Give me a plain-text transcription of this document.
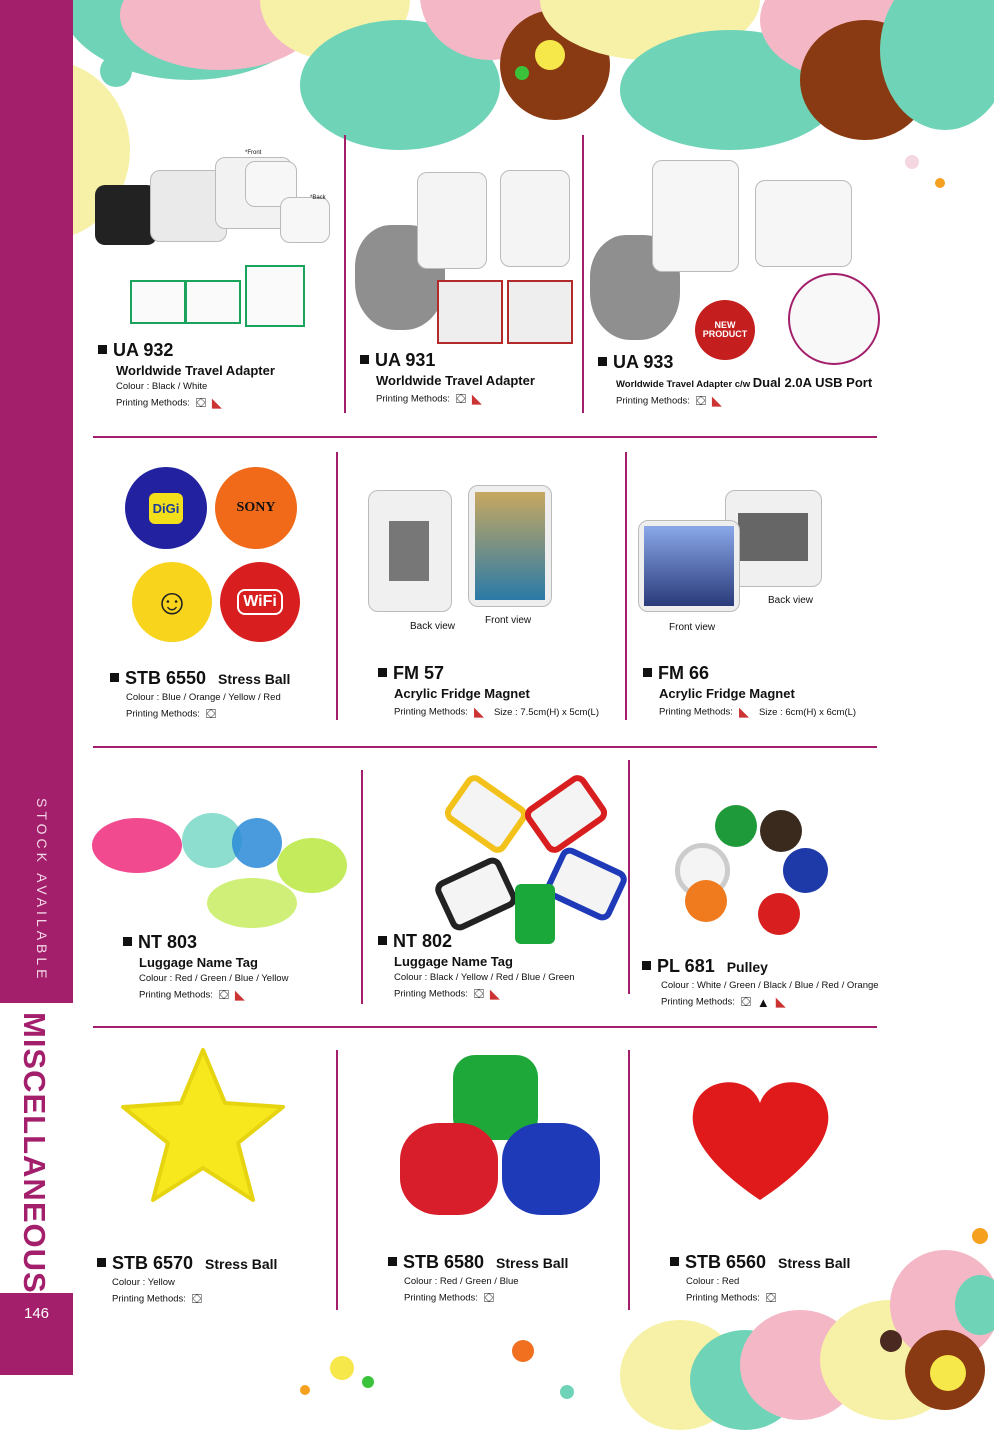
STOCK AVAILABLE
MISCELLANEOUS
146
*Front
*Back
NEW PRODUCT
UA 932
Worldwide Travel Adapter
Colour : Black / White
Printing Methods: ⛋ ◣
UA 931
Worldwide Travel Adapter
Printing Methods: ⛋ ◣
UA 933
Worldwide Travel Adapter c/w Dual 2.0A USB Port
Printing Methods: ⛋ ◣
DiGi	SONY
☺	WiFi
Back view
Front view
Back view
Front view
STB 6550 Stress Ball
Colour : Blue / Orange / Yellow / Red
Printing Methods: ⛋
FM 57
Acrylic Fridge Magnet
Printing Methods: ◣ Size : 7.5cm(H) x 5cm(L)
FM 66
Acrylic Fridge Magnet
Printing Methods: ◣ Size : 6cm(H) x 6cm(L)
NT 803
Luggage Name Tag
Colour : Red / Green / Blue / Yellow
Printing Methods: ⛋ ◣
NT 802
Luggage Name Tag
Colour : Black / Yellow / Red / Blue / Green
Printing Methods: ⛋ ◣
PL 681 Pulley
Colour : White / Green / Black / Blue / Red / Orange
Printing Methods: ⛋ ▲ ◣
STB 6570 Stress Ball
Colour : Yellow
Printing Methods: ⛋
STB 6580 Stress Ball
Colour : Red / Green / Blue
Printing Methods: ⛋
STB 6560 Stress Ball
Colour : Red
Printing Methods: ⛋
